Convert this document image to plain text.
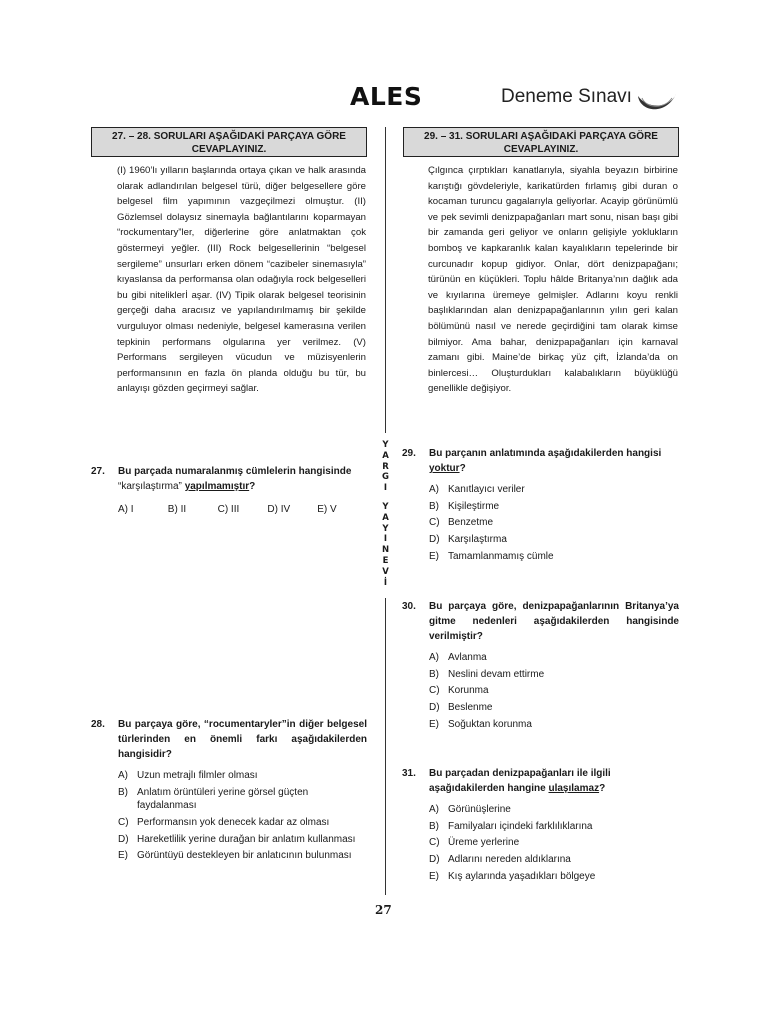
ALES	Deneme Sınavı
27. – 28. SORULARI AŞAĞIDAKİ PARÇAYA GÖRE CEVAPLAYINIZ.
29. – 31. SORULARI AŞAĞIDAKİ PARÇAYA GÖRE CEVAPLAYINIZ.
(I) 1960’lı yılların başlarında ortaya çıkan ve halk arasında olarak adlandırılan belgesel türü, diğer belgesellere göre belgesel film yapımının vazgeçilmezi olmuştur. (II) Gözlemsel dolaysız sinemayla bağlantılarını koparmayan “rockumentary”ler, diğerlerine göre anlatmaktan çok göstermeyi yeğler. (III) Rock belgesellerinin “belgesel sergileme” unsurları erken dönem “cazibeler sinemasıyla” kıyaslansa da performansa olan odağıyla rock belgeselleri bu gibi niteliklerİ aşar. (IV) Tipik olarak belgesel teorisinin gerçeği daha aracısız ve yapılandırılmamış bir şekilde vurguluyor olması nedeniyle, belgesel kamerasına verilen tepkinin performans olgularına yer verilmez. (V) Performans sergileyen vücudun ve müzisyenlerin performansının en fazla ön planda olduğu bu tür, bu anlayışı gözden geçirmeyi sağlar.
Çılgınca çırptıkları kanatlarıyla, siyahla beyazın birbirine karıştığı gövdeleriyle, karikatürden fırlamış gibi duran o kocaman turuncu gagalarıyla geliyorlar. Acayip görünümlü ve pek sevimli denizpapağanları mart sonu, nisan başı gibi bir zamanda geri geliyor ve onların gelişiyle yoklukların bomboş ve kapkaranlık kalan kayalıkların tepelerinde bir curcunadır kopup gidiyor. Onlar, dört denizpapağanı; türünün en küçükleri. Toplu hâlde Britanya’nın dağlık ada ve kıyılarına üremeye gelmişler. Adlarını koyu renkli başlıklarından alan denizpapağanlarının yılın geri kalan bölümünü nasıl ve nerede geçirdiğini tam olarak kimse bilmiyor. Ama bahar, denizpapağanları için karnaval zamanı gibi. Maine’de birkaç yüz çift, İzlanda’da on binlercesi… Oluşturdukları kalabalıkların büyüklüğü genellikle değişiyor.
Y
A
R
G
I
Y
A
Y
I
N
E
V
İ
27. Bu parçada numaralanmış cümlelerin hangisinde “karşılaştırma” yapılmamıştır?
A) I	B) II	C) III	D) IV	E) V
28. Bu parçaya göre, “rocumentaryler”in diğer belgesel türlerinden en önemli farkı aşağıdakilerden hangisidir?
A) Uzun metrajlı filmler olması
B) Anlatım örüntüleri yerine görsel güçten faydalanması
C) Performansın yok denecek kadar az olması
D) Hareketlilik yerine durağan bir anlatım kullanması
E) Görüntüyü destekleyen bir anlatıcının bulunması
29. Bu parçanın anlatımında aşağıdakilerden hangisi yoktur?
A) Kanıtlayıcı veriler
B) Kişileştirme
C) Benzetme
D) Karşılaştırma
E) Tamamlanmamış cümle
30. Bu parçaya göre, denizpapağanlarının Britanya’ya gitme nedenleri aşağıdakilerden hangisinde verilmiştir?
A) Avlanma
B) Neslini devam ettirme
C) Korunma
D) Beslenme
E) Soğuktan korunma
31. Bu parçadan denizpapağanları ile ilgili aşağıdakilerden hangine ulaşılamaz?
A) Görünüşlerine
B) Familyaları içindeki farklılıklarına
C) Üreme yerlerine
D) Adlarını nereden aldıklarına
E) Kış aylarında yaşadıkları bölgeye
27
